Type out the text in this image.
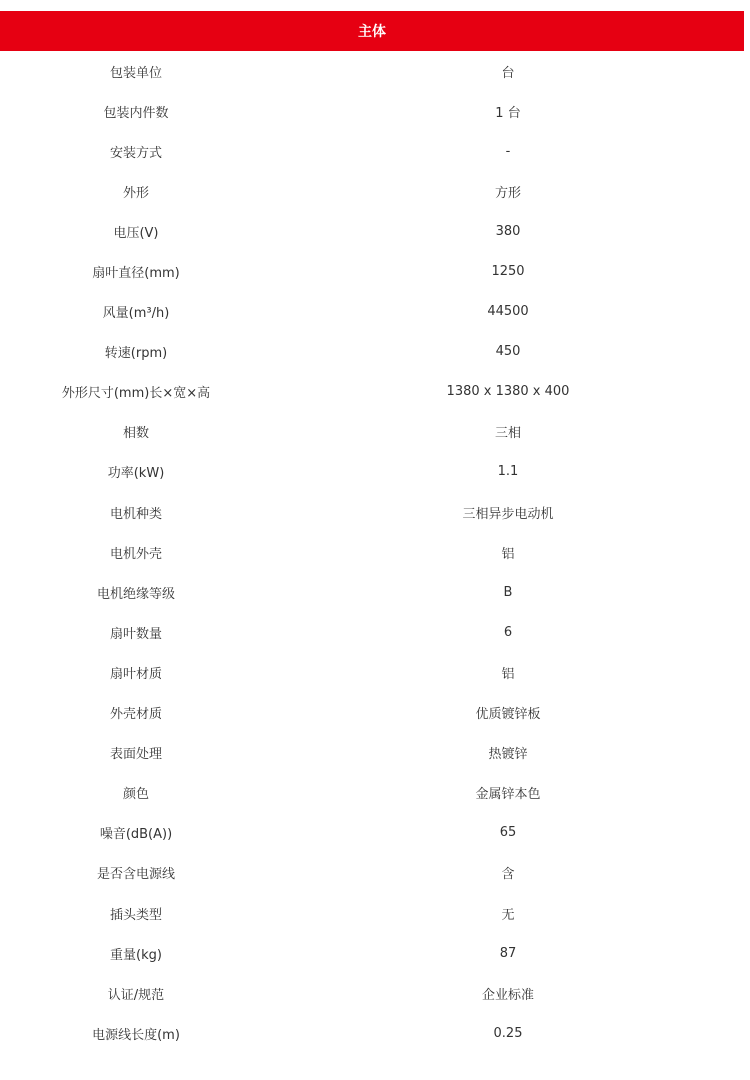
主体	
包装单位	台
包装内件数	1 台
安装方式	-
外形	方形
电压(V)	380
扇叶直径(mm)	1250
风量(m³/h)	44500
转速(rpm)	450
外形尺寸(mm)长×宽×高	1380 x 1380 x 400
相数	三相
功率(kW)	1.1
电机种类	三相异步电动机
电机外壳	铝
电机绝缘等级	B
扇叶数量	6
扇叶材质	铝
外壳材质	优质镀锌板
表面处理	热镀锌
颜色	金属锌本色
噪音(dB(A))	65
是否含电源线	含
插头类型	无
重量(kg)	87
认证/规范	企业标准
电源线长度(m)	0.25
